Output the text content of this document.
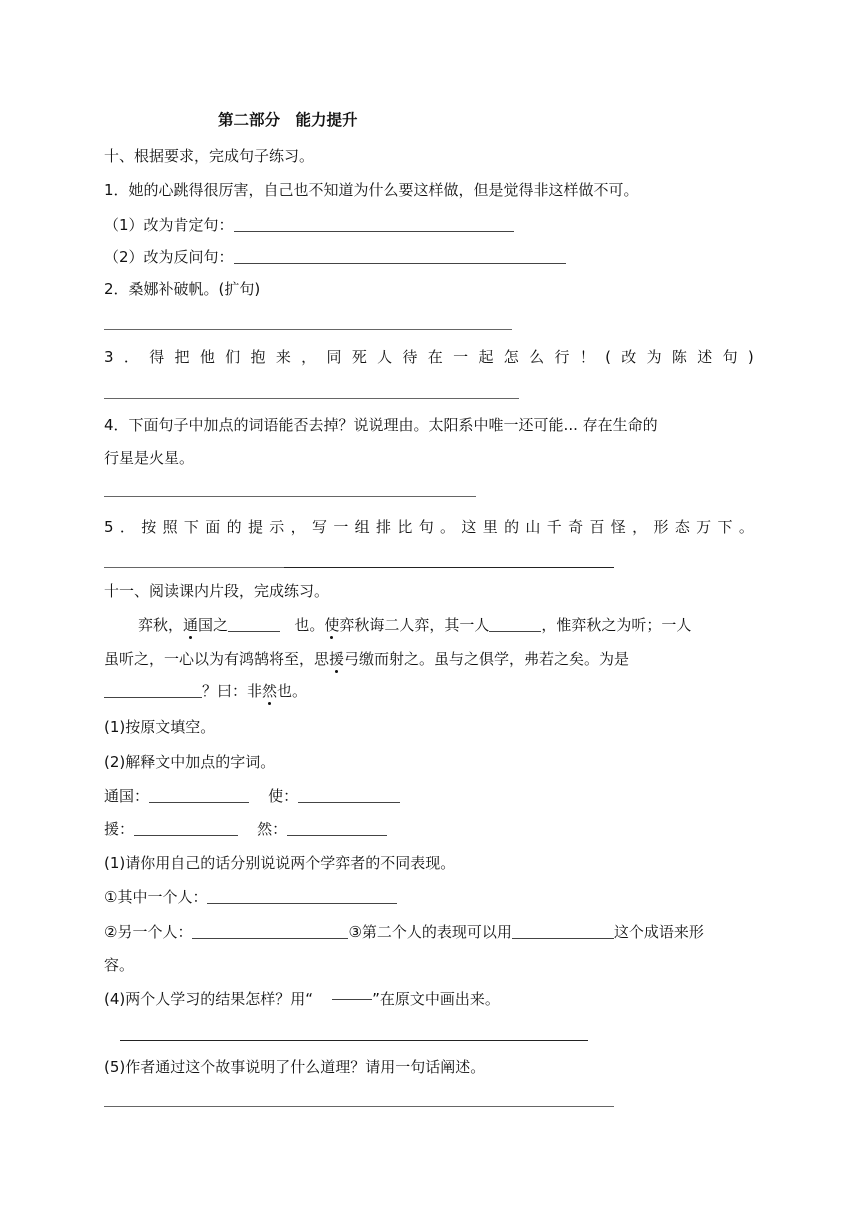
第二部分　能力提升
十、根据要求，完成句子练习。
1．她的心跳得很厉害，自己也不知道为什么要这样做，但是觉得非这样做不可。
（1）改为肯定句：
（2）改为反问句：
2．桑娜补破帆。(扩句)
3 ． 得 把 他 们 抱 来 ， 同 死 人 待 在 一 起 怎 么 行 ！ ( 改 为 陈 述 句 )
4．下面句子中加点的词语能否去掉？说说理由。太阳系中唯一还可能... 存在生命的
行星是火星。
5 ． 按 照 下 面 的 提 示 ， 写 一 组 排 比 句 。 这 里 的 山 千 奇 百 怪 ， 形 态 万 下 。
十一、阅读课内片段，完成练习。
弈秋，通国之	也。使弈秋诲二人弈，其一人	，惟弈秋之为听；一人
虽听之，一心以为有鸿鹄将至，思援弓缴而射之。虽与之俱学，弗若之矣。为是
？曰：非然也。
(1)按原文填空。
(2)解释文中加点的字词。
通国：	使：
援：	然：
(1)请你用自己的话分别说说两个学弈者的不同表现。
①其中一个人：
②另一个人：	③第二个人的表现可以用	这个成语来形
容。
(4)两个人学习的结果怎样？用“	”在原文中画出来。
(5)作者通过这个故事说明了什么道理？请用一句话阐述。
